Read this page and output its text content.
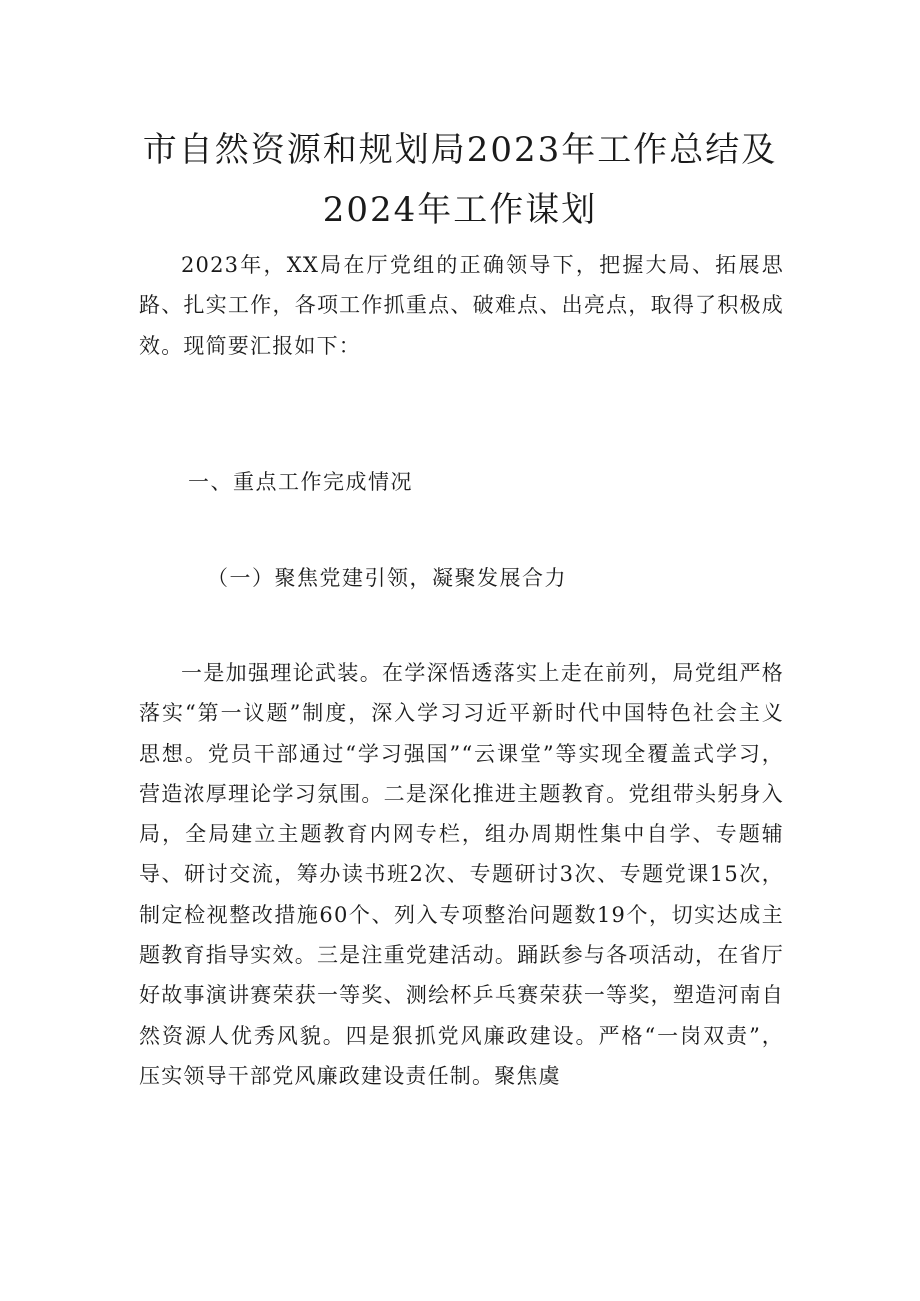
市自然资源和规划局2023年工作总结及
2024年工作谋划

2023年，XX局在厅党组的正确领导下，把握大局、拓展思路、扎实工作，各项工作抓重点、破难点、出亮点，取得了积极成效。现简要汇报如下：

一、重点工作完成情况
（一）聚焦党建引领，凝聚发展合力

一是加强理论武装。在学深悟透落实上走在前列，局党组严格落实“第一议题”制度，深入学习习近平新时代中国特色社会主义思想。党员干部通过“学习强国”“云课堂”等实现全覆盖式学习，营造浓厚理论学习氛围。二是深化推进主题教育。党组带头躬身入局，全局建立主题教育内网专栏，组办周期性集中自学、专题辅导、研讨交流，筹办读书班2次、专题研讨3次、专题党课15次，制定检视整改措施60个、列入专项整治问题数19个，切实达成主题教育指导实效。三是注重党建活动。踊跃参与各项活动，在省厅好故事演讲赛荣获一等奖、测绘杯乒乓赛荣获一等奖，塑造河南自然资源人优秀风貌。四是狠抓党风廉政建设。严格“一岗双责”，压实领导干部党风廉政建设责任制。聚焦虞
